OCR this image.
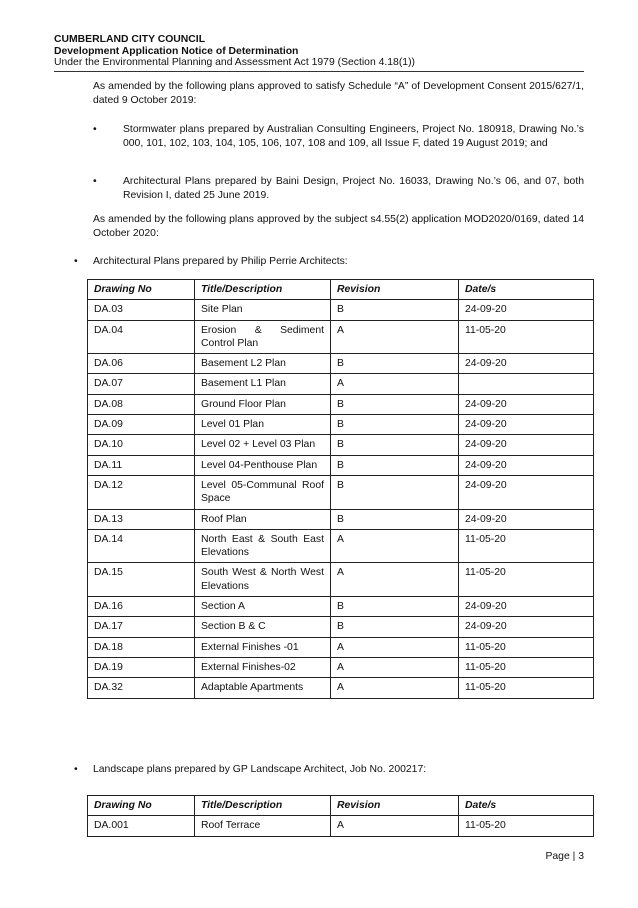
CUMBERLAND CITY COUNCIL
Development Application Notice of Determination
Under the Environmental Planning and Assessment Act 1979 (Section 4.18(1))
As amended by the following plans approved to satisfy Schedule “A” of Development Consent 2015/627/1, dated 9 October 2019:
•	Stormwater plans prepared by Australian Consulting Engineers, Project No. 180918, Drawing No.’s 000, 101, 102, 103, 104, 105, 106, 107, 108 and 109, all Issue F, dated 19 August 2019; and
•	Architectural Plans prepared by Baini Design, Project No. 16033, Drawing No.’s 06, and 07, both Revision I, dated 25 June 2019.
As amended by the following plans approved by the subject s4.55(2) application MOD2020/0169, dated 14 October 2020:
• Architectural Plans prepared by Philip Perrie Architects:
Drawing No	Title/Description	Revision	Date/s
DA.03	Site Plan	B	24-09-20
DA.04	Erosion & Sediment Control Plan	A	11-05-20
DA.06	Basement L2 Plan	B	24-09-20
DA.07	Basement L1 Plan	A	
DA.08	Ground Floor Plan	B	24-09-20
DA.09	Level 01 Plan	B	24-09-20
DA.10	Level 02 + Level 03 Plan	B	24-09-20
DA.11	Level 04-Penthouse Plan	B	24-09-20
DA.12	Level 05-Communal Roof Space	B	24-09-20
DA.13	Roof Plan	B	24-09-20
DA.14	North East & South East Elevations	A	11-05-20
DA.15	South West & North West Elevations	A	11-05-20
DA.16	Section A	B	24-09-20
DA.17	Section B & C	B	24-09-20
DA.18	External Finishes -01	A	11-05-20
DA.19	External Finishes-02	A	11-05-20
DA.32	Adaptable Apartments	A	11-05-20
• Landscape plans prepared by GP Landscape Architect, Job No. 200217:
Drawing No	Title/Description	Revision	Date/s
DA.001	Roof Terrace	A	11-05-20
Page | 3
